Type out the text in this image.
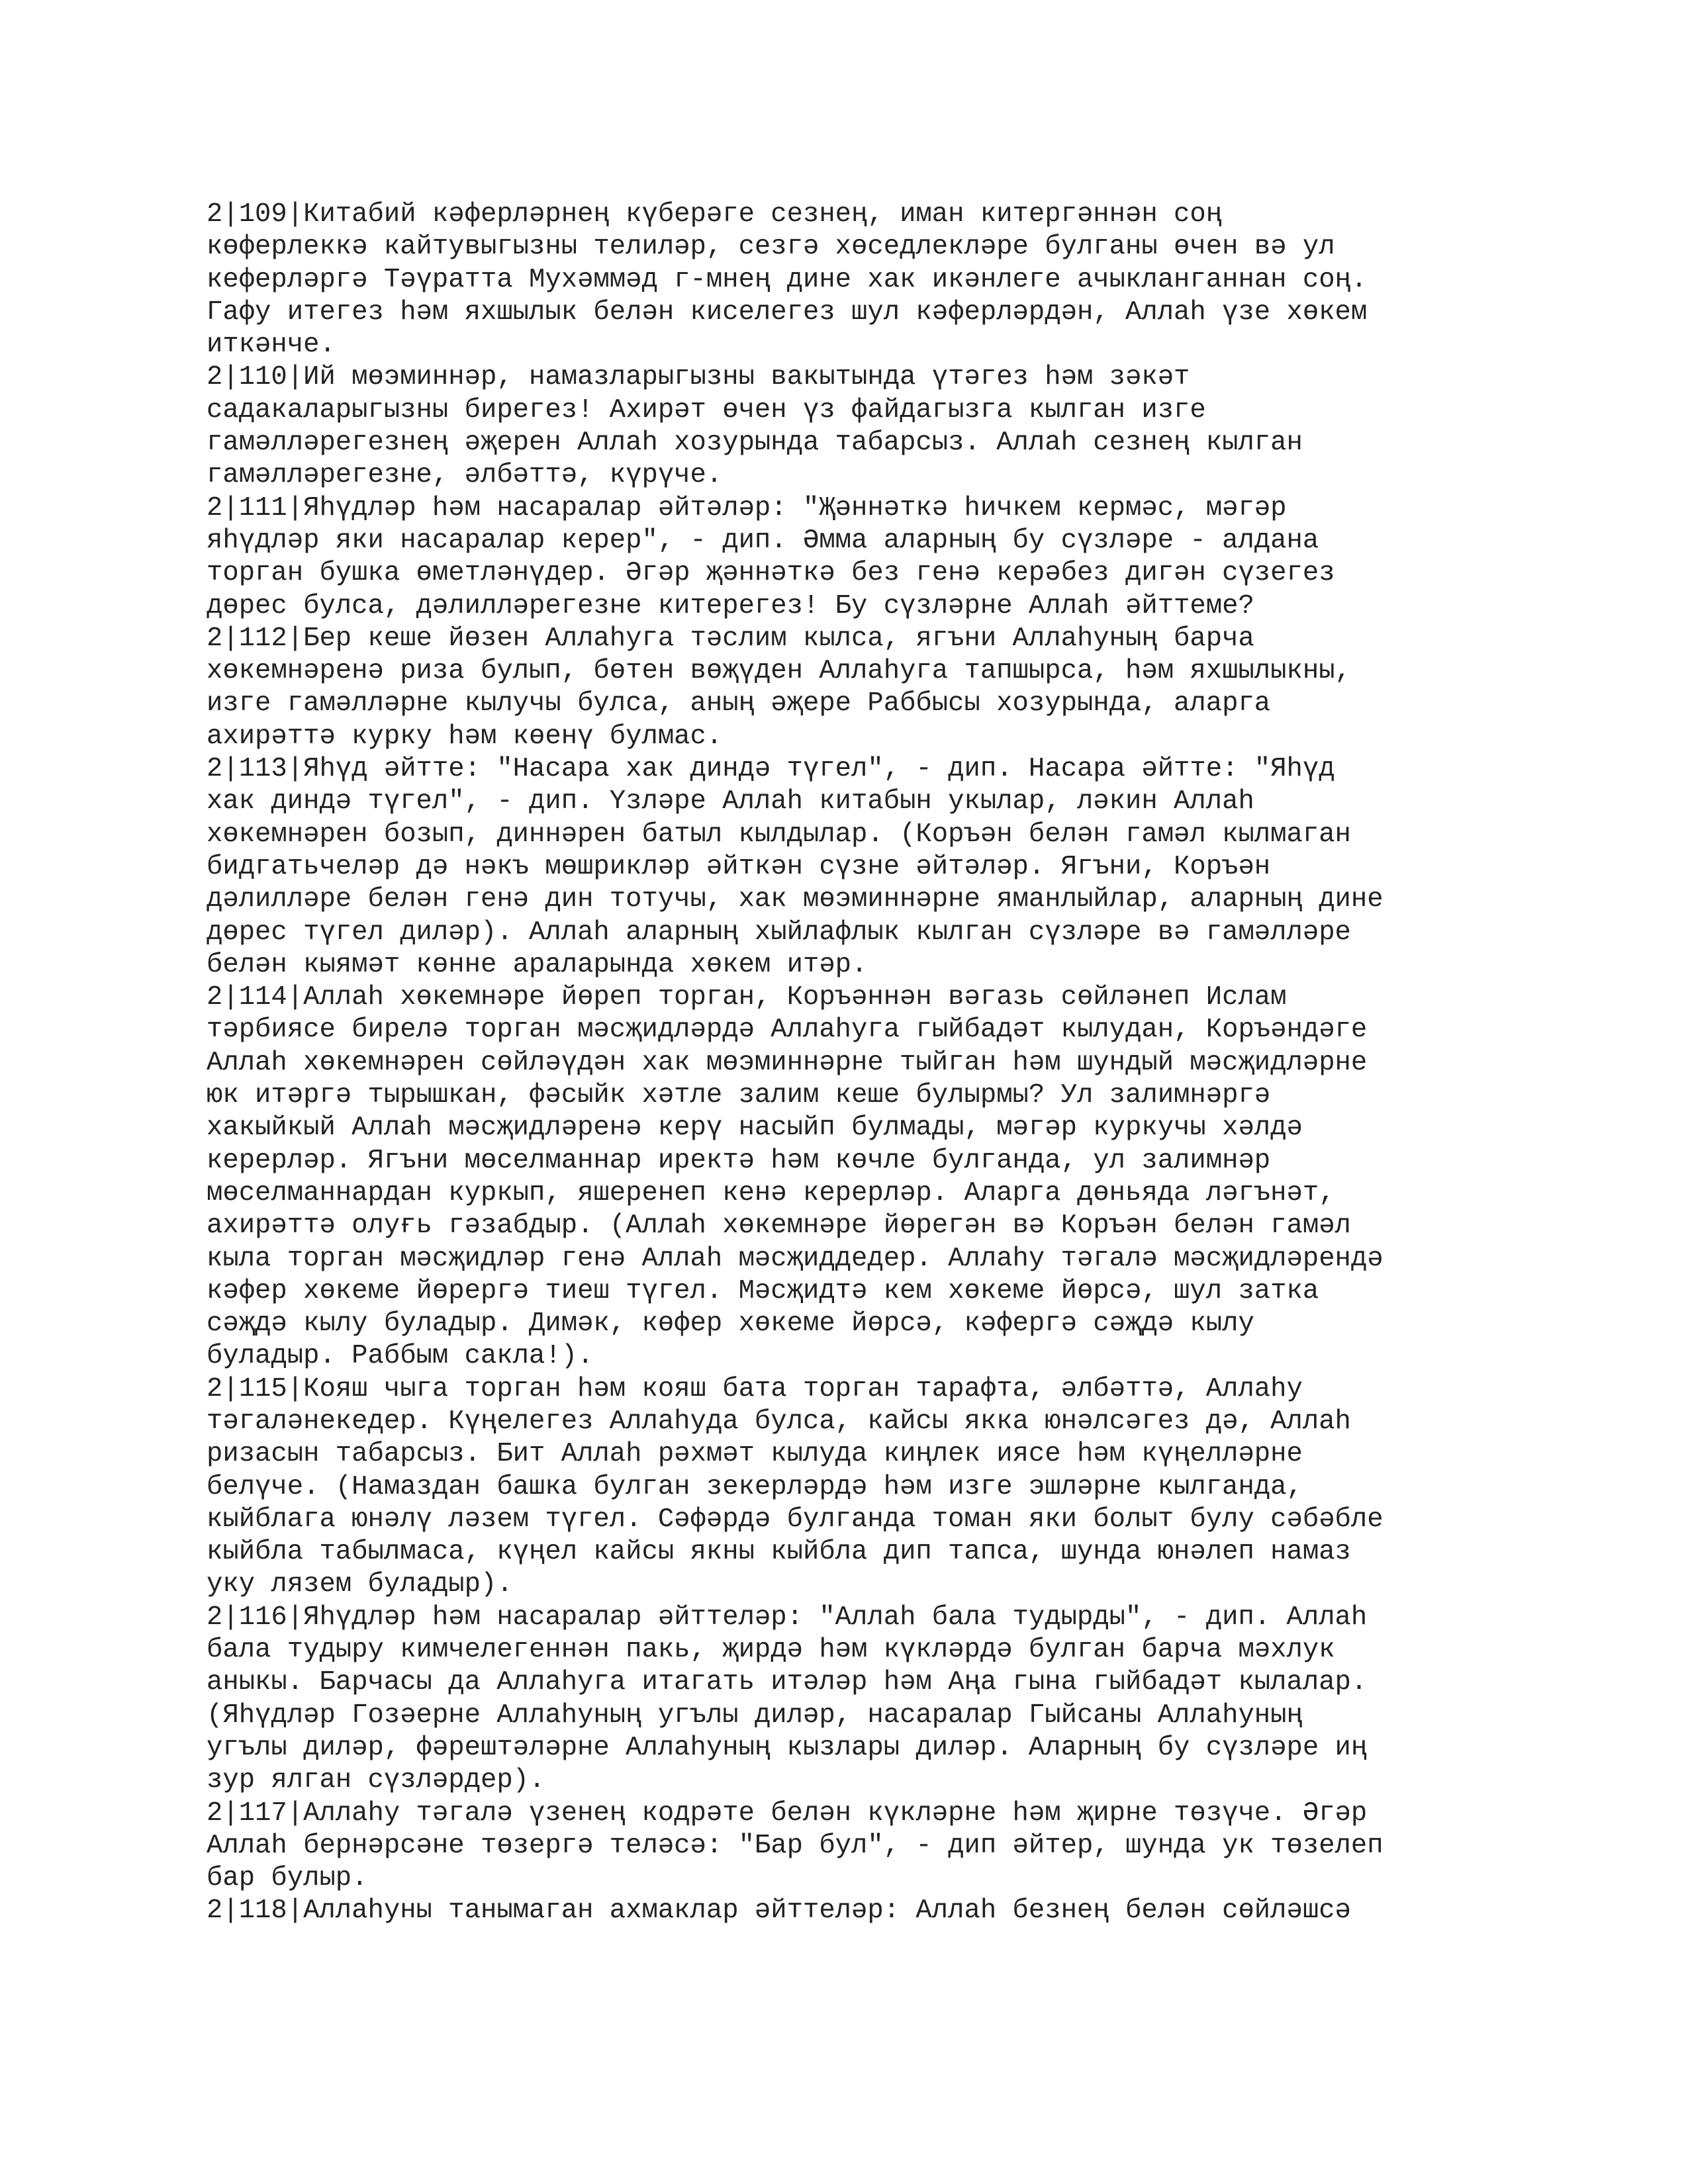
2|109|Китабий кәферләрнең күберәге сезнең, иман китергәннән соң
көферлеккә кайтувыгызны телиләр, сезгә хөседлекләре булганы өчен вә ул
кеферләргә Тәүратта Мухәммәд г-мнең дине хак икәнлеге ачыкланганнан соң.
Гафу итегез һәм яхшылык белән киселегез шул кәферләрдән, Аллаh үзе хөкем
иткәнче.
2|110|Ий мөэминнәр, намазларыгызны вакытында үтәгез һәм зәкәт
садакаларыгызны бирегез! Ахирәт өчен үз файдагызга кылган изге
гамәлләрегезнең әҗерен Аллаh хозурында табарсыз. Аллаh сезнең кылган
гамәлләрегезне, әлбәттә, күрүче.
2|111|Яhүдләр hәм насаралар әйтәләр: "Җәннәткә hичкем кермәс, мәгәр
яhүдләр яки насаралар керер", - дип. Әмма аларның бу сүзләре - алдана
торган бушка өметләнүдер. Әгәр җәннәткә без генә керәбез дигән сүзегез
дөрес булса, дәлилләрегезне китерегез! Бу сүзләрне Аллаh әйттеме?
2|112|Бер кеше йөзен Аллаhуга тәслим кылса, ягъни Аллаhуның барча
хөкемнәренә риза булып, бөтен вөҗүден Аллаhуга тапшырса, hәм яхшылыкны,
изге гамәлләрне кылучы булса, аның әҗере Раббысы хозурында, аларга
ахирәттә курку hәм көенү булмас.
2|113|Яhүд әйтте: "Насара хак диндә түгел", - дип. Насара әйтте: "Яhүд
хак диндә түгел", - дип. Үзләре Аллаh китабын укылар, ләкин Аллаh
хөкемнәрен бозып, диннәрен батыл кылдылар. (Коръән белән гамәл кылмаган
бидгатьчеләр дә нәкъ мөшрикләр әйткән сүзне әйтәләр. Ягъни, Коръән
дәлилләре белән генә дин тотучы, хак мөэминнәрне яманлыйлар, аларның дине
дөрес түгел диләр). Аллаh аларның хыйлафлык кылган сүзләре вә гамәлләре
белән кыямәт көнне араларында хөкем итәр.
2|114|Аллаh хөкемнәре йөреп торган, Коръәннән вәгазь сөйләнеп Ислам
тәрбиясе бирелә торган мәсҗидләрдә Аллаhуга гыйбадәт кылудан, Коръәндәге
Аллаh хөкемнәрен сөйләүдән хак мөэминнәрне тыйган hәм шундый мәсҗидләрне
юк итәргә тырышкан, фәсыйк хәтле залим кеше булырмы? Ул залимнәргә
хакыйкый Аллаh мәсҗидләренә керү насыйп булмады, мәгәр куркучы хәлдә
керерләр. Ягъни мөселманнар иректә hәм көчле булганда, ул залимнәр
мөселманнардан куркып, яшеренеп кенә керерләр. Аларга дөньяда ләгънәт,
ахирәттә олуғь гәзабдыр. (Аллаh хөкемнәре йөрегән вә Коръән белән гамәл
кыла торган мәсҗидләр генә Аллаh мәсҗиддедер. Аллаhу тәгалә мәсҗидләрендә
кәфер хөкеме йөрергә тиеш түгел. Мәсҗидтә кем хөкеме йөрсә, шул затка
сәҗдә кылу буладыр. Димәк, көфер хөкеме йөрсә, кәфергә сәҗдә кылу
буладыр. Раббым сакла!).
2|115|Кояш чыга торган hәм кояш бата торган тарафта, әлбәттә, Аллаhу
тәгаләнекедер. Күңелегез Аллаhуда булса, кайсы якка юнәлсәгез дә, Аллаh
ризасын табарсыз. Бит Аллаh рәхмәт кылуда киңлек иясе hәм күңелләрне
белүче. (Намаздан башка булган зекерләрдә hәм изге эшләрне кылганда,
кыйблага юнәлү ләзем түгел. Сәфәрдә булганда томан яки болыт булу сәбәбле
кыйбла табылмаса, күңел кайсы якны кыйбла дип тапса, шунда юнәлеп намаз
уку лязем буладыр).
2|116|Яhүдләр hәм насаралар әйттеләр: "Аллаh бала тудырды", - дип. Аллаh
бала тудыру кимчелегеннән пакь, җирдә hәм күкләрдә булган барча мәхлук
аныкы. Барчасы да Аллаhуга итагать итәләр hәм Аңа гына гыйбадәт кылалар.
(Яhүдләр Гозәерне Аллаhуның угълы диләр, насаралар Гыйсаны Аллаhуның
угълы диләр, фәрештәләрне Аллаhуның кызлары диләр. Аларның бу сүзләре иң
зур ялган сүзләрдер).
2|117|Аллаhу тәгалә үзенең кодрәте белән күкләрне hәм җирне төзүче. Әгәр
Аллаh бернәрсәне төзергә теләсә: "Бар бул", - дип әйтер, шунда ук төзелеп
бар булыр.
2|118|Аллаhуны танымаган ахмаклар әйттеләр: Аллаh безнең белән сөйләшсә
